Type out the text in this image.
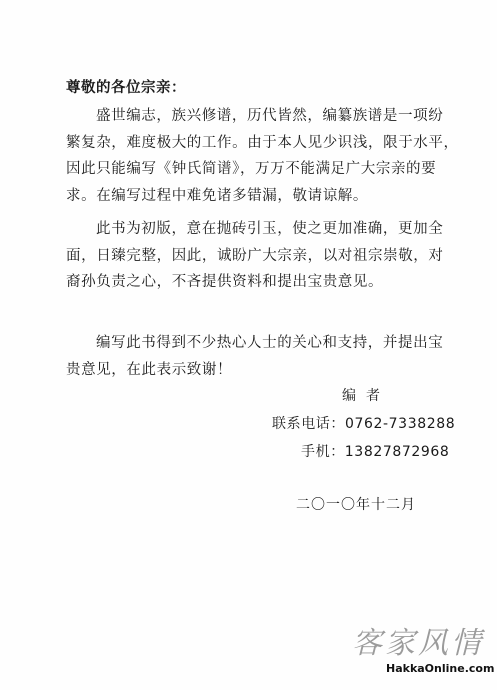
尊敬的各位宗亲：
盛世编志，族兴修谱，历代皆然，编纂族谱是一项纷
繁复杂，难度极大的工作。由于本人见少识浅，限于水平，
因此只能编写《钟氏简谱》，万万不能满足广大宗亲的要
求。在编写过程中难免诸多错漏，敬请谅解。
此书为初版，意在抛砖引玉，使之更加准确，更加全
面，日臻完整，因此，诚盼广大宗亲，以对祖宗崇敬，对
裔孙负责之心，不吝提供资料和提出宝贵意见。
编写此书得到不少热心人士的关心和支持，并提出宝
贵意见，在此表示致谢！
编者
联系电话：0762-7338288
手机：13827872968
二〇一〇年十二月
客家风情
HakkaOnline.com
